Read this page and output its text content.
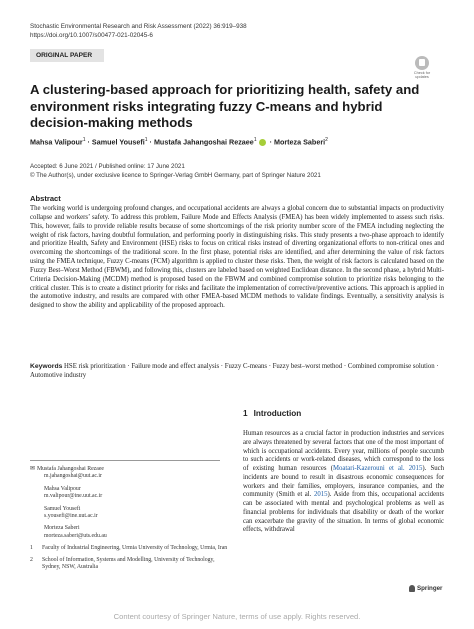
Stochastic Environmental Research and Risk Assessment (2022) 36:919–938
https://doi.org/10.1007/s00477-021-02045-6
ORIGINAL PAPER
Check for updates
A clustering-based approach for prioritizing health, safety and environment risks integrating fuzzy C-means and hybrid decision-making methods
Mahsa Valipour$^1$ · Samuel Yousefi$^1$ · Mustafa Jahangoshai Rezaee$^1$ · Morteza Saberi$^2$
Accepted: 6 June 2021 / Published online: 17 June 2021
© The Author(s), under exclusive licence to Springer-Verlag GmbH Germany, part of Springer Nature 2021
Abstract
The working world is undergoing profound changes, and occupational accidents are always a global concern due to substantial impacts on productivity collapse and workers’ safety. To address this problem, Failure Mode and Effects Analysis (FMEA) has been widely implemented to assess such risks. This, however, fails to provide reliable results because of some shortcomings of the risk priority number score of the FMEA including neglecting the weight of risk factors, having doubtful formulation, and performing poorly in distinguishing risks. This study presents a two-phase approach to identify and prioritize Health, Safety and Environment (HSE) risks to focus on critical risks instead of diverting organizational efforts to non-critical ones and overcoming the shortcomings of the traditional score. In the first phase, potential risks are identified, and after determining the value of risk factors using the FMEA technique, Fuzzy C-means (FCM) algorithm is applied to cluster these risks. Then, the weight of risk factors is calculated based on the Fuzzy Best–Worst Method (FBWM), and following this, clusters are labeled based on weighted Euclidean distance. In the second phase, a hybrid Multi-Criteria Decision-Making (MCDM) method is proposed based on the FBWM and combined compromise solution to prioritize risks belonging to the critical cluster. This is to create a distinct priority for risks and facilitate the implementation of corrective/preventive actions. This approach is applied in the automotive industry, and results are compared with other FMEA-based MCDM methods to validate findings. Eventually, a sensitivity analysis is designed to show the ability and applicability of the proposed approach.
Keywords HSE risk prioritization · Failure mode and effect analysis · Fuzzy C-means · Fuzzy best–worst method · Combined compromise solution · Automotive industry
✉ Mustafa Jahangoshai Rezaee
m.jahangoshai@uut.ac.ir
Mahsa Valipour
m.valipour@ine.uut.ac.ir
Samuel Yousefi
s.yousefi@ine.uut.ac.ir
Morteza Saberi
morteza.saberi@uts.edu.au
1	Faculty of Industrial Engineering, Urmia University of Technology, Urmia, Iran
2	School of Information, Systems and Modelling, University of Technology, Sydney, NSW, Australia
1 Introduction
Human resources as a crucial factor in production industries and services are always threatened by several factors that one of the most important of which is occupational accidents. Every year, millions of people succumb to such accidents or work-related diseases, which correspond to the loss of existing human resources (Moatari-Kazerouni et al. 2015). Such incidents are bound to result in disastrous economic consequences for workers and their families, employers, insurance companies, and the community (Smith et al. 2015). Aside from this, occupational accidents can be associated with mental and psychological problems as well as financial problems for individuals that disability or death of the worker can exacerbate the gravity of the situation. In terms of global economic effects, withdrawal
Springer
Content courtesy of Springer Nature, terms of use apply. Rights reserved.
